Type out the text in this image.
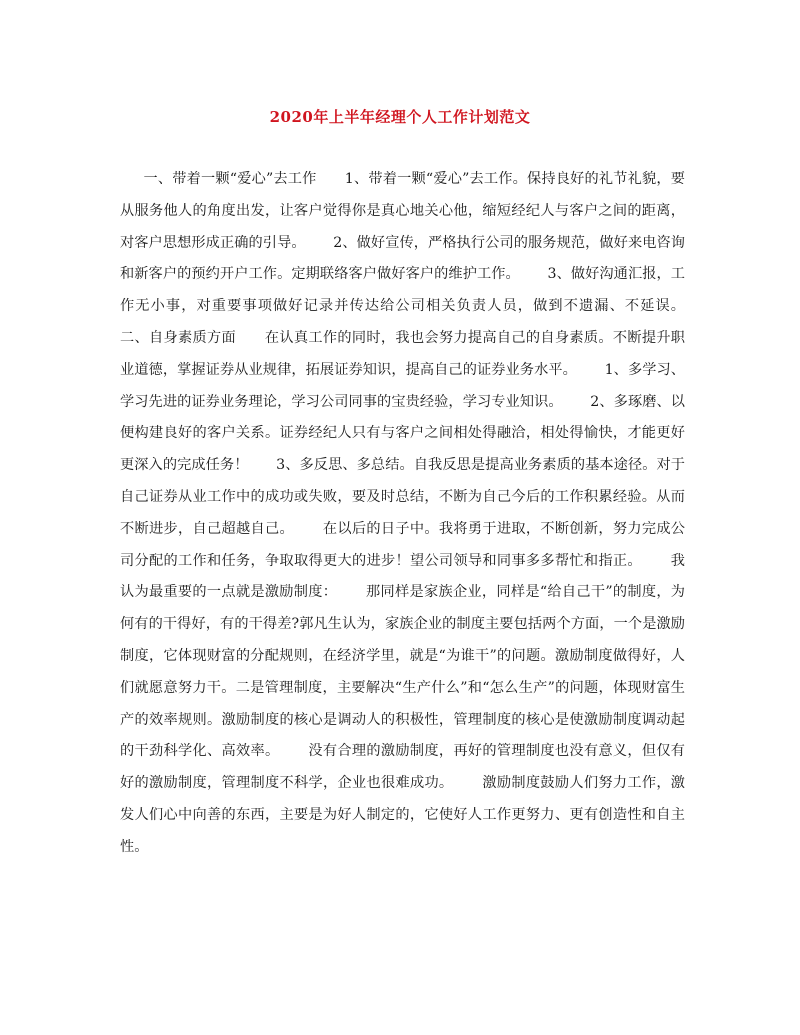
2020年上半年经理个人工作计划范文

一、带着一颗“爱心”去工作      1、带着一颗“爱心”去工作。保持良好的礼节礼貌，要从服务他人的角度出发，让客户觉得你是真心地关心他，缩短经纪人与客户之间的距离，对客户思想形成正确的引导。      2、做好宣传，严格执行公司的服务规范，做好来电咨询和新客户的预约开户工作。定期联络客户做好客户的维护工作。      3、做好沟通汇报，工作无小事，对重要事项做好记录并传达给公司相关负责人员，做到不遗漏、不延误。      二、自身素质方面      在认真工作的同时，我也会努力提高自己的自身素质。不断提升职业道德，掌握证券从业规律，拓展证券知识，提高自己的证券业务水平。      1、多学习、学习先进的证券业务理论，学习公司同事的宝贵经验，学习专业知识。      2、多琢磨、以便构建良好的客户关系。证券经纪人只有与客户之间相处得融洽，相处得愉快，才能更好更深入的完成任务！      3、多反思、多总结。自我反思是提高业务素质的基本途径。对于自己证券从业工作中的成功或失败，要及时总结，不断为自己今后的工作积累经验。从而不断进步，自己超越自己。      在以后的日子中。我将勇于进取，不断创新，努力完成公司分配的工作和任务，争取取得更大的进步！望公司领导和同事多多帮忙和指正。      我认为最重要的一点就是激励制度：      那同样是家族企业，同样是“给自己干”的制度，为何有的干得好，有的干得差?郭凡生认为，家族企业的制度主要包括两个方面，一个是激励制度，它体现财富的分配规则，在经济学里，就是“为谁干”的问题。激励制度做得好，人们就愿意努力干。二是管理制度，主要解决“生产什么”和“怎么生产”的问题，体现财富生产的效率规则。激励制度的核心是调动人的积极性，管理制度的核心是使激励制度调动起的干劲科学化、高效率。      没有合理的激励制度，再好的管理制度也没有意义，但仅有好的激励制度，管理制度不科学，企业也很难成功。      激励制度鼓励人们努力工作，激发人们心中向善的东西，主要是为好人制定的，它使好人工作更努力、更有创造性和自主性。
